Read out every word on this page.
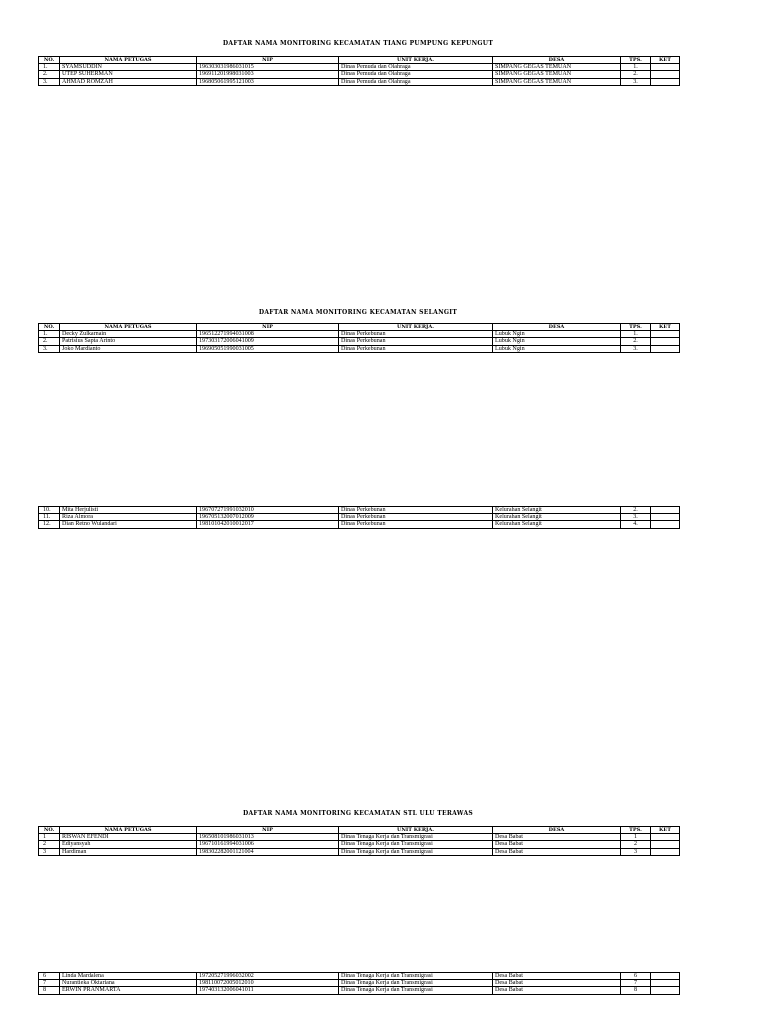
DAFTAR NAMA MONITORING KECAMATAN TIANG PUMPUNG KEPUNGUT
NO.	NAMA PETUGAS	NIP	UNIT KERJA.	DESA	TPS.	KET
1.	SYAMSUDDIN	196303031986031015	Dinas Pemuda dan Olahraga	SIMPANG GEGAS TEMUAN	1.	
2.	UTEP SUHERMAN	196911201998031003	Dinas Pemuda dan Olahraga	SIMPANG GEGAS TEMUAN	2.	
3.	AHMAD ROMZAH	196805061995121003	Dinas Pemuda dan Olahraga	SIMPANG GEGAS TEMUAN	3.	
DAFTAR NAMA MONITORING KECAMATAN SELANGIT
NO.	NAMA PETUGAS	NIP	UNIT KERJA.	DESA	TPS.	KET
1.	Decky Zulkarnain	196512271994031008	Dinas Perkebunan	Lubuk Ngin	1.	
2.	Patrisius Sapta Arinto	197303172006041009	Dinas Perkebunan	Lubuk Ngin	2.	
3.	Joko Mardianto	196905051990031005	Dinas Perkebunan	Lubuk Ngin	3.	
10.	Mita Herjulisti	196707271991032010	Dinas Perkebunan	Kelurahan Selangit	2.	
11.	Riza Almora	196705132007012009	Dinas Perkebunan	Kelurahan Selangit	3.	
12.	Dian Retno Wulandari	198101042010012017	Dinas Perkebunan	Kelurahan Selangit	4.	
DAFTAR NAMA MONITORING KECAMATAN STL ULU TERAWAS
NO.	NAMA PETUGAS	NIP	UNIT KERJA.	DESA	TPS.	KET
1	RISWAN EFENDI	196508101986031013	Dinas Tenaga Kerja dan Transmigrasi	Desa Babat	1	
2	Ediyansyah	196710161994031006	Dinas Tenaga Kerja dan Transmigrasi	Desa Babat	2	
3	Hardiman	198302282001121004	Dinas Tenaga Kerja dan Transmigrasi	Desa Babat	3	
6	Linda Mardalena	197205271996032002	Dinas Tenaga Kerja dan Transmigrasi	Desa Babat	6	
7	Nurantieka Oktariana	198110072005012010	Dinas Tenaga Kerja dan Transmigrasi	Desa Babat	7	
8	ERWIN PRANMARTA	197403132006041011	Dinas Tenaga Kerja dan Transmigrasi	Desa Babat	8	
